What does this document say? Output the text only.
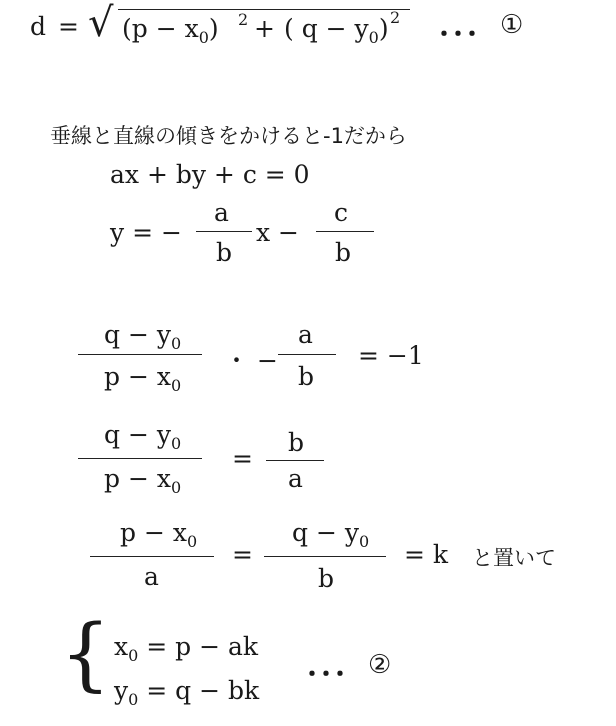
d = √ $(p - x_0)$ 2 + ( $q - y_0$) 2
･･･ ①
垂線と直線の傾きをかけると-1だから
ax + by + c = 0
y = −
a
b
x −
c
b
$q - y_0$
$p - x_0$
・ −
a
b
= −1
$q - y_0$
$p - x_0$
=
b
a
$p - x_0$
a
=
$q - y_0$
b
= k と置いて
{ $x_0 = p$ − ak
$y_0 = q$ − bk
･･･ ②
